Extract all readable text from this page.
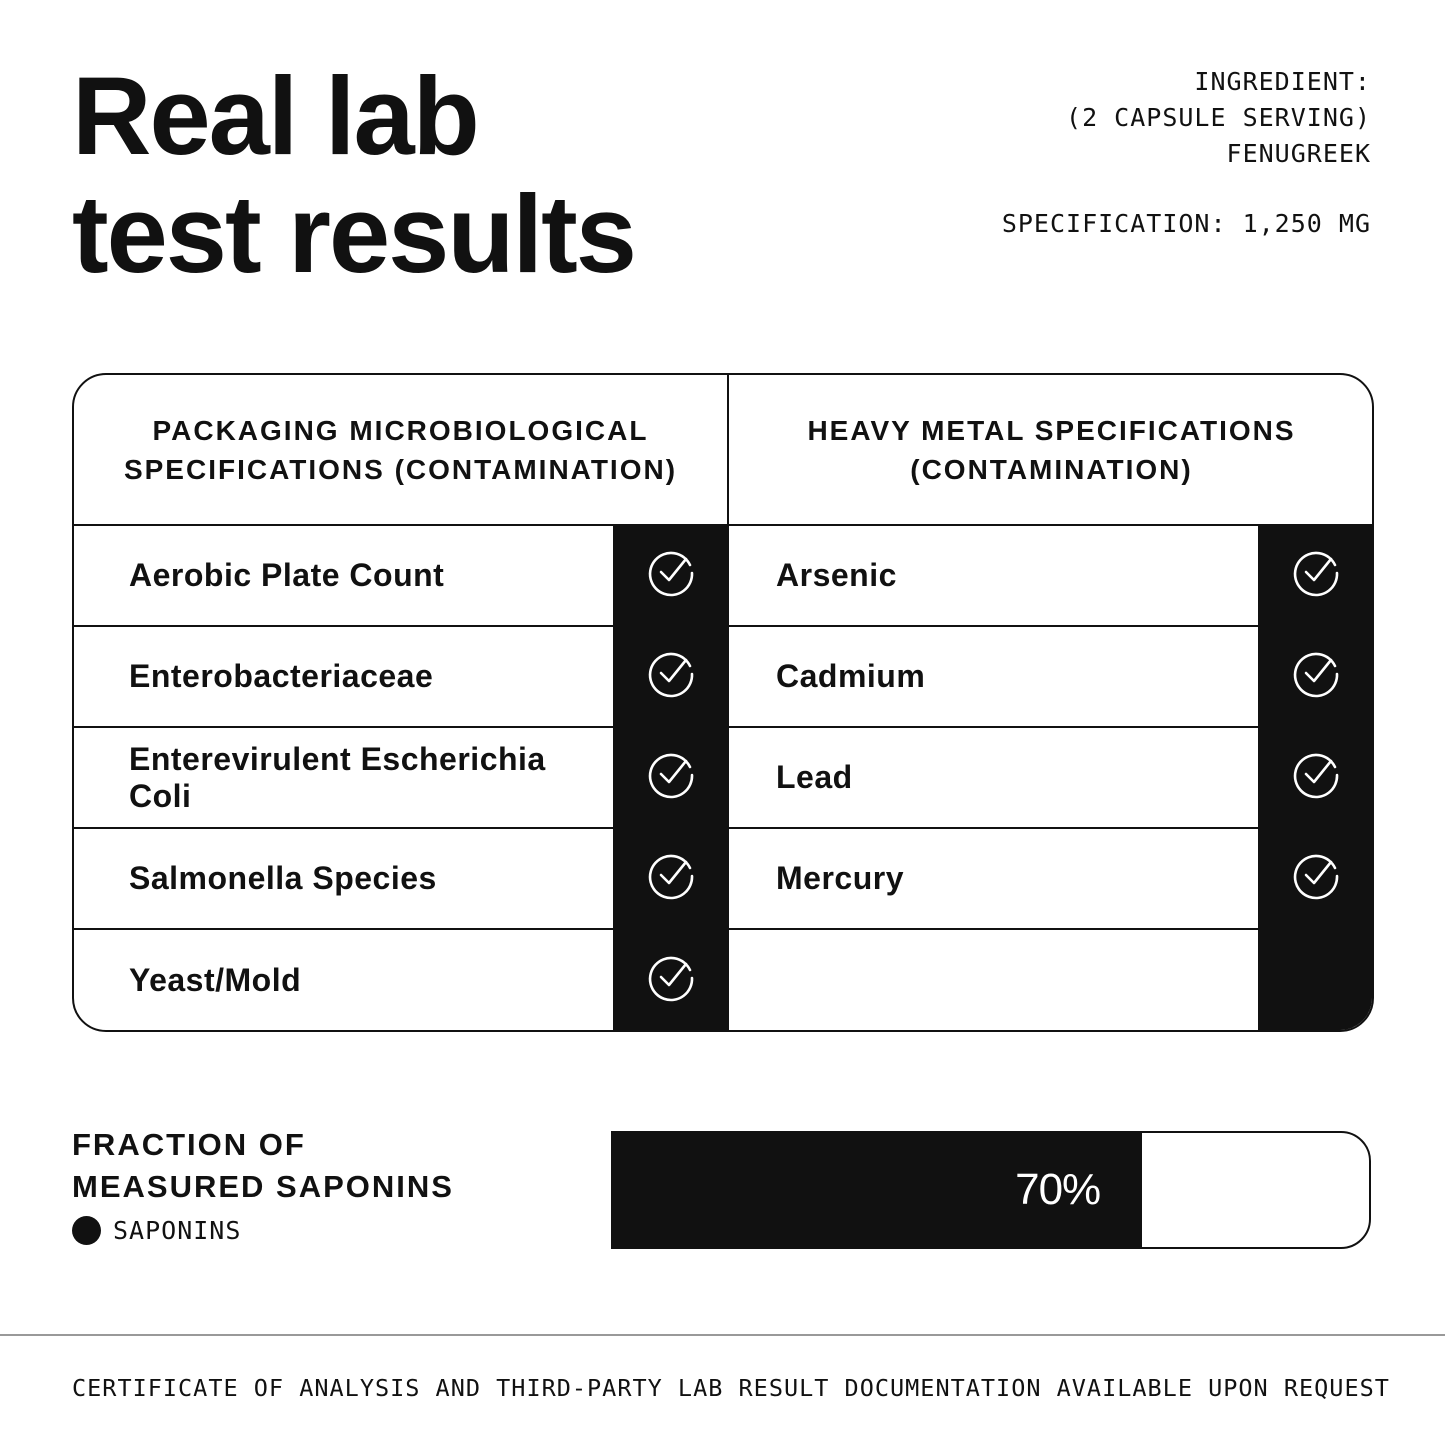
Real lab
test results
INGREDIENT:
(2 CAPSULE SERVING)
FENUGREEK
SPECIFICATION: 1,250 MG
PACKAGING MICROBIOLOGICAL
SPECIFICATIONS (CONTAMINATION)
Aerobic Plate Count
Enterobacteriaceae
Enterevirulent Escherichia Coli
Salmonella Species
Yeast/Mold
HEAVY METAL SPECIFICATIONS
(CONTAMINATION)
Arsenic
Cadmium
Lead
Mercury
FRACTION OF
MEASURED SAPONINS
SAPONINS
70%
CERTIFICATE OF ANALYSIS AND THIRD-PARTY LAB RESULT DOCUMENTATION AVAILABLE UPON REQUEST
